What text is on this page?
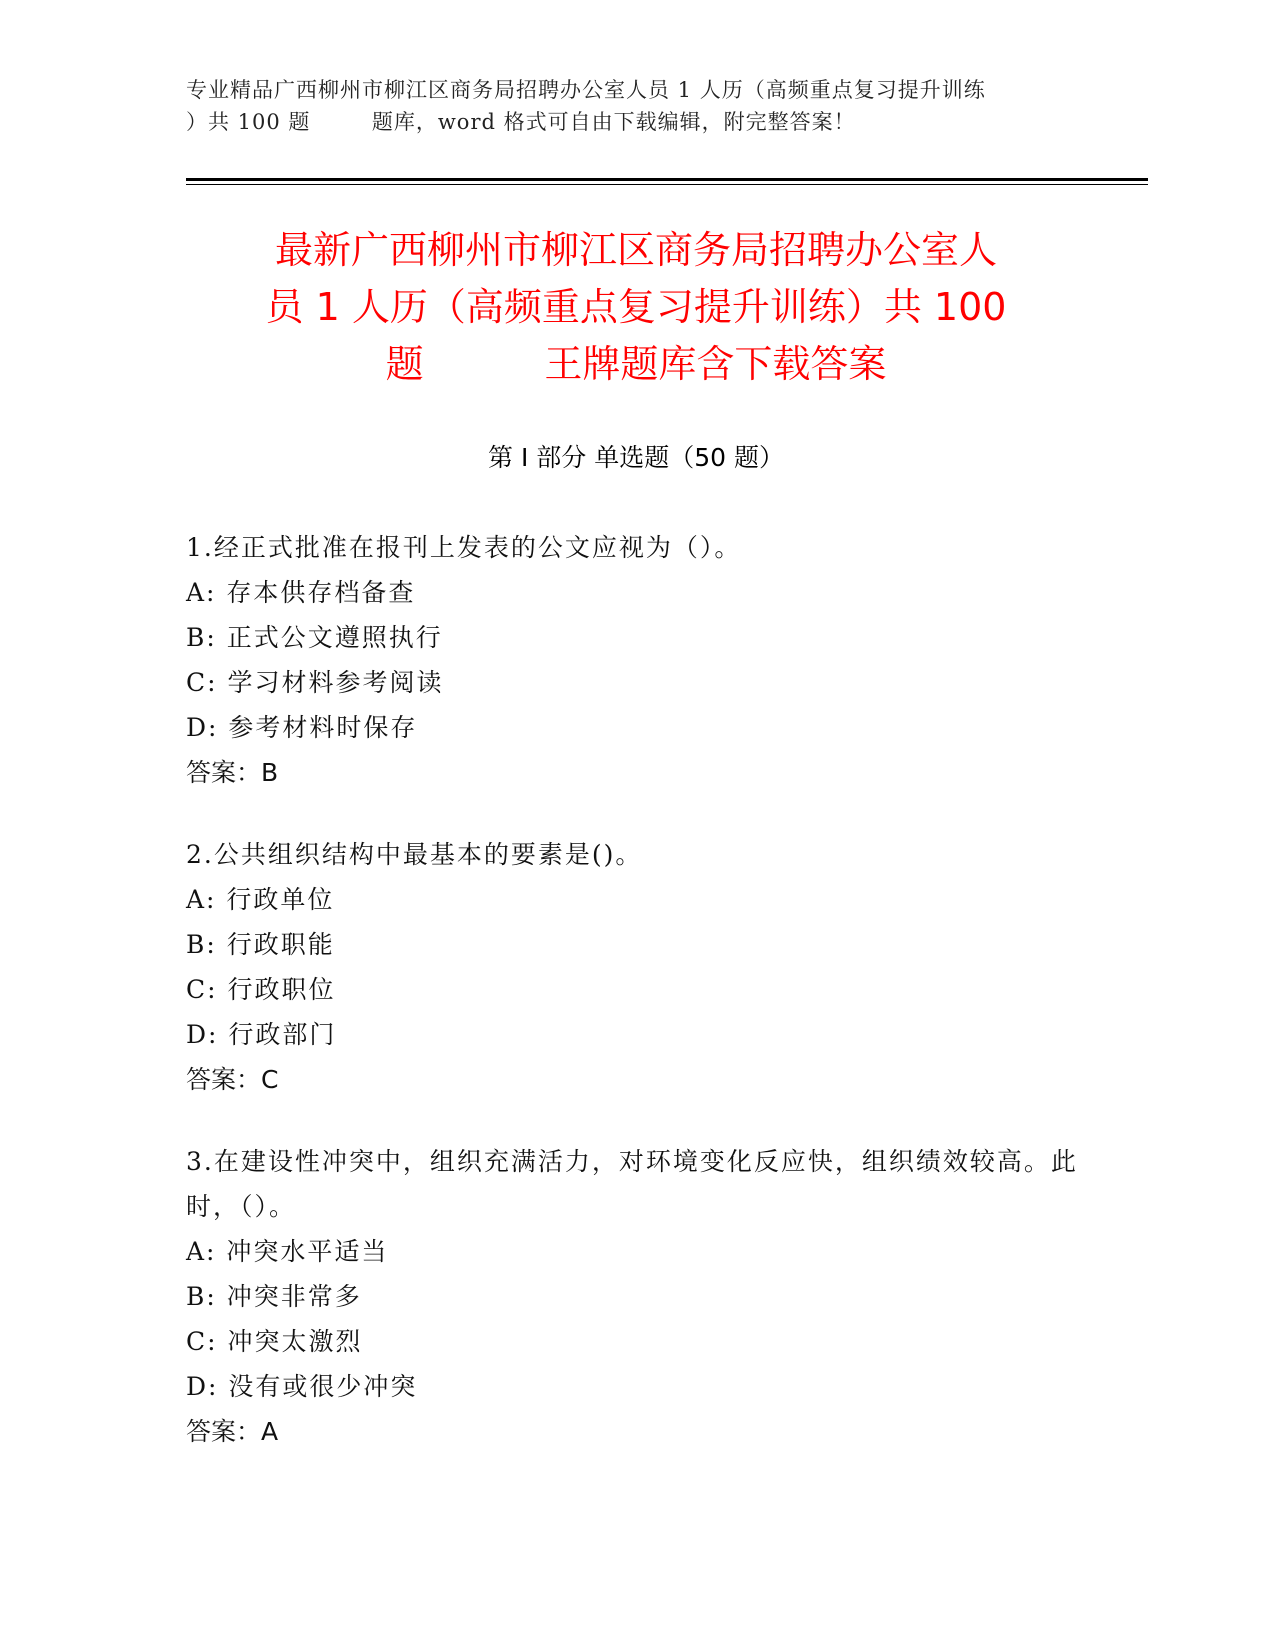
专业精品广西柳州市柳江区商务局招聘办公室人员 1 人历（高频重点复习提升训练
）共 100 题        题库，word 格式可自由下载编辑，附完整答案！
最新广西柳州市柳江区商务局招聘办公室人
员 1 人历（高频重点复习提升训练）共 100
题          王牌题库含下载答案
第 I 部分 单选题（50 题）
1.经正式批准在报刊上发表的公文应视为（）。
A: 存本供存档备查
B: 正式公文遵照执行
C: 学习材料参考阅读
D: 参考材料时保存
答案：B
2.公共组织结构中最基本的要素是()。
A: 行政单位
B: 行政职能
C: 行政职位
D: 行政部门
答案：C
3.在建设性冲突中，组织充满活力，对环境变化反应快，组织绩效较高。此时，（）。
A: 冲突水平适当
B: 冲突非常多
C: 冲突太激烈
D: 没有或很少冲突
答案：A
